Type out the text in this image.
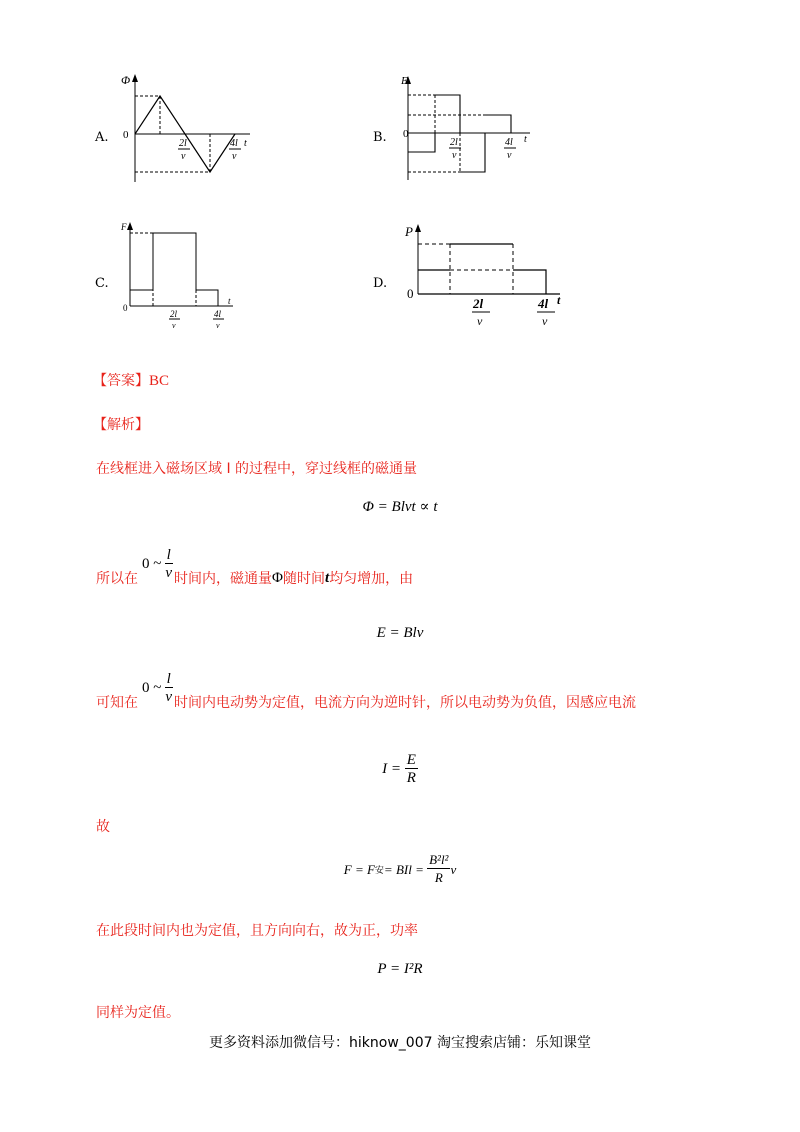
A.
Φ
0
t
2l
v
4l
v
B.
E
0	t
2l
v
4l
v
C.
F
0
t
2l
v
4l
v
D.
P
0	t
2l
v
4l
v
【答案】BC
【解析】
在线框进入磁场区域 I 的过程中，穿过线框的磁通量
Φ = Blvt ∝ t
所以在
0 ~ $\frac{l}{v}$ 时间内，磁通量 Φ 随时间 t 均匀增加，由
E = Blv
可知在
0 ~ $\frac{l}{v}$ 时间内电动势为定值，电流方向为逆时针，所以电动势为负值，因感应电流
I =
$\frac{E}{R}$
故
F = F 安 = BIl =
$\frac{\text{B²l²}}{R}$ v
在此段时间内也为定值，且方向向右，故为正，功率
P = I²R
同样为定值。
更多资料添加微信号：hiknow_007 淘宝搜索店铺：乐知课堂
